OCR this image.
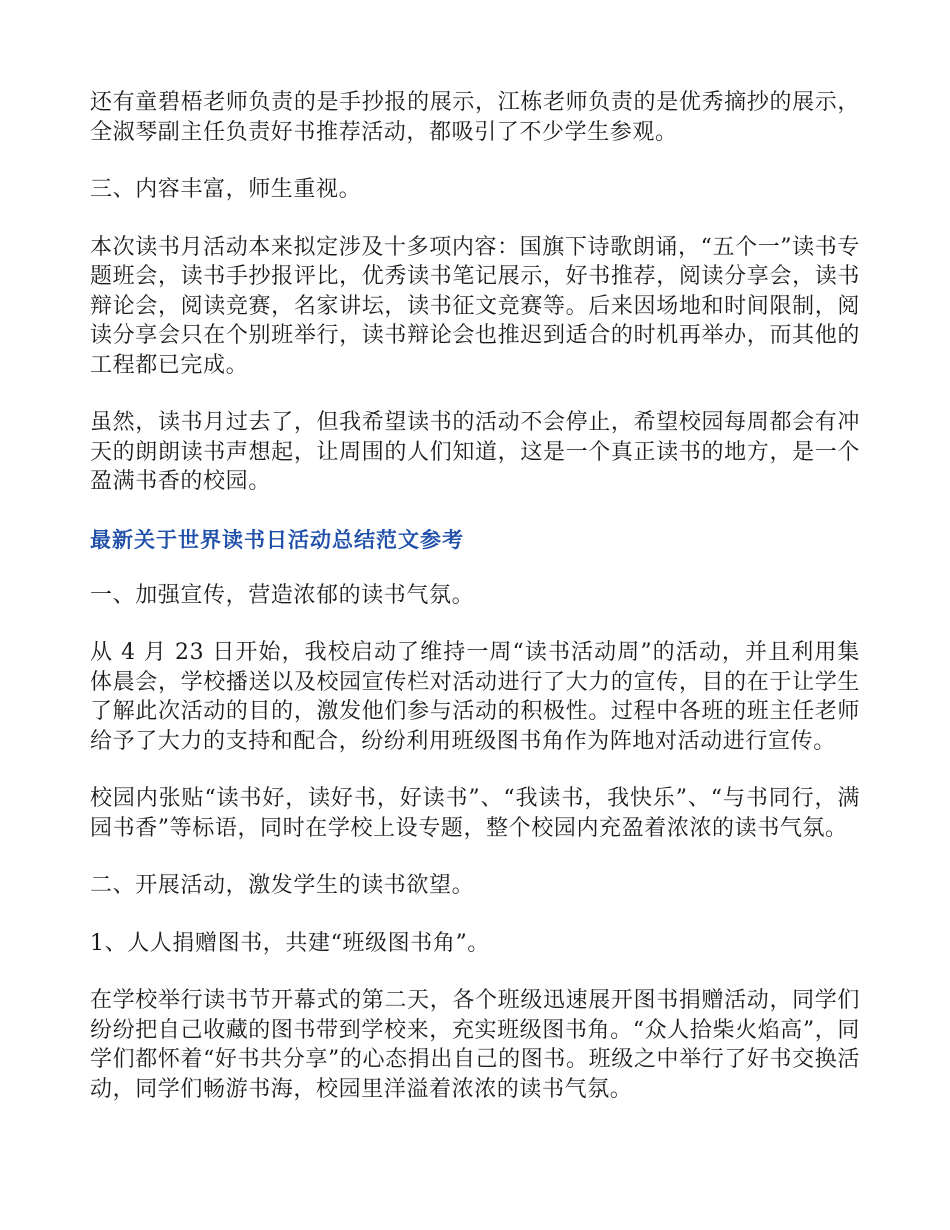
还有童碧梧老师负责的是手抄报的展示，江栋老师负责的是优秀摘抄的展示，全淑琴副主任负责好书推荐活动，都吸引了不少学生参观。

三、内容丰富，师生重视。

本次读书月活动本来拟定涉及十多项内容：国旗下诗歌朗诵，“五个一”读书专题班会，读书手抄报评比，优秀读书笔记展示，好书推荐，阅读分享会，读书辩论会，阅读竞赛，名家讲坛，读书征文竞赛等。后来因场地和时间限制，阅读分享会只在个别班举行，读书辩论会也推迟到适合的时机再举办，而其他的工程都已完成。

虽然，读书月过去了，但我希望读书的活动不会停止，希望校园每周都会有冲天的朗朗读书声想起，让周围的人们知道，这是一个真正读书的地方，是一个盈满书香的校园。

最新关于世界读书日活动总结范文参考

一、加强宣传，营造浓郁的读书气氛。

从 4 月 23 日开始，我校启动了维持一周“读书活动周”的活动，并且利用集体晨会，学校播送以及校园宣传栏对活动进行了大力的宣传，目的在于让学生了解此次活动的目的，激发他们参与活动的积极性。过程中各班的班主任老师给予了大力的支持和配合，纷纷利用班级图书角作为阵地对活动进行宣传。

校园内张贴“读书好，读好书，好读书”、“我读书，我快乐”、“与书同行，满园书香”等标语，同时在学校上设专题，整个校园内充盈着浓浓的读书气氛。

二、开展活动，激发学生的读书欲望。

1、人人捐赠图书，共建“班级图书角”。

在学校举行读书节开幕式的第二天，各个班级迅速展开图书捐赠活动，同学们纷纷把自己收藏的图书带到学校来，充实班级图书角。“众人拾柴火焰高”，同学们都怀着“好书共分享”的心态捐出自己的图书。班级之中举行了好书交换活动，同学们畅游书海，校园里洋溢着浓浓的读书气氛。
